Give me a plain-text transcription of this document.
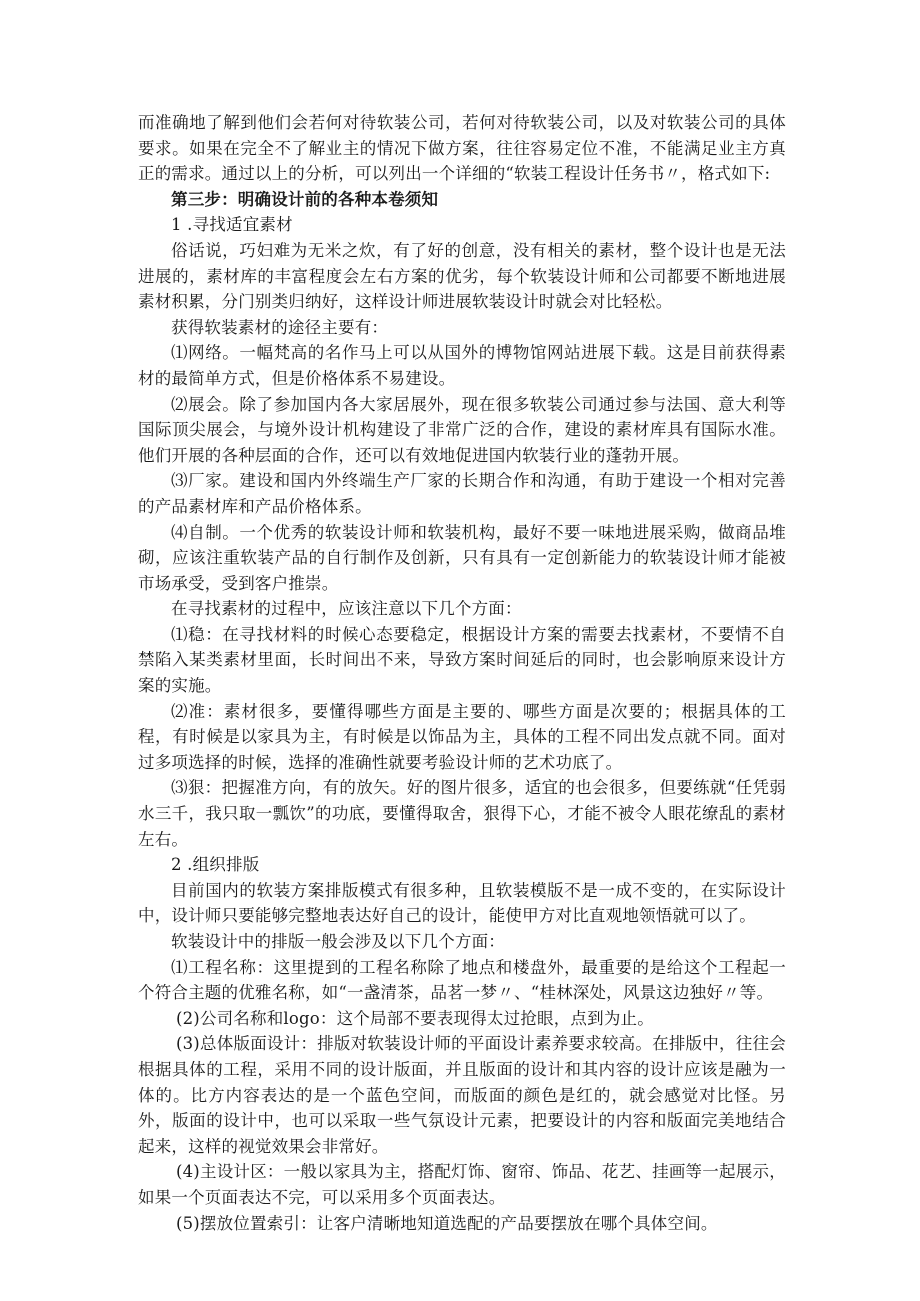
而准确地了解到他们会若何对待软装公司，若何对待软装公司，以及对软装公司的具体要求。如果在完全不了解业主的情况下做方案，往往容易定位不准，不能满足业主方真正的需求。通过以上的分析，可以列出一个详细的“软装工程设计任务书〃，格式如下:

第三步：明确设计前的各种本卷须知

1 .寻找适宜素材

俗话说，巧妇难为无米之炊，有了好的创意，没有相关的素材，整个设计也是无法进展的，素材库的丰富程度会左右方案的优劣，每个软装设计师和公司都要不断地进展素材积累，分门别类归纳好，这样设计师进展软装设计时就会对比轻松。

获得软装素材的途径主要有：

⑴网络。一幅梵高的名作马上可以从国外的博物馆网站进展下载。这是目前获得素材的最简单方式，但是价格体系不易建设。

⑵展会。除了参加国内各大家居展外，现在很多软装公司通过参与法国、意大利等国际顶尖展会，与境外设计机构建设了非常广泛的合作，建设的素材库具有国际水准。他们开展的各种层面的合作，还可以有效地促进国内软装行业的蓬勃开展。

⑶厂家。建设和国内外终端生产厂家的长期合作和沟通，有助于建设一个相对完善的产品素材库和产品价格体系。

⑷自制。一个优秀的软装设计师和软装机构，最好不要一味地进展采购，做商品堆砌，应该注重软装产品的自行制作及创新，只有具有一定创新能力的软装设计师才能被市场承受，受到客户推崇。

在寻找素材的过程中，应该注意以下几个方面：

⑴稳：在寻找材料的时候心态要稳定，根据设计方案的需要去找素材，不要情不自禁陷入某类素材里面，长时间出不来，导致方案时间延后的同时，也会影响原来设计方案的实施。

⑵准：素材很多，要懂得哪些方面是主要的、哪些方面是次要的；根据具体的工程，有时候是以家具为主，有时候是以饰品为主，具体的工程不同出发点就不同。面对过多项选择的时候，选择的准确性就要考验设计师的艺术功底了。

⑶狠：把握准方向，有的放矢。好的图片很多，适宜的也会很多，但要练就“任凭弱水三千，我只取一瓢饮”的功底，要懂得取舍，狠得下心，才能不被令人眼花缭乱的素材左右。

2 .组织排版

目前国内的软装方案排版模式有很多种，且软装模版不是一成不变的，在实际设计中，设计师只要能够完整地表达好自己的设计，能使甲方对比直观地领悟就可以了。

软装设计中的排版一般会涉及以下几个方面：

⑴工程名称：这里提到的工程名称除了地点和楼盘外，最重要的是给这个工程起一个符合主题的优雅名称，如“一盏清茶，品茗一梦〃、“桂林深处，风景这边独好〃等。

(2)公司名称和logo：这个局部不要表现得太过抢眼，点到为止。

(3)总体版面设计：排版对软装设计师的平面设计素养要求较高。在排版中，往往会根据具体的工程，采用不同的设计版面，并且版面的设计和其内容的设计应该是融为一体的。比方内容表达的是一个蓝色空间，而版面的颜色是红的，就会感觉对比怪。另外，版面的设计中，也可以采取一些气氛设计元素，把要设计的内容和版面完美地结合起来，这样的视觉效果会非常好。

(4)主设计区：一般以家具为主，搭配灯饰、窗帘、饰品、花艺、挂画等一起展示，如果一个页面表达不完，可以采用多个页面表达。

(5)摆放位置索引：让客户清晰地知道选配的产品要摆放在哪个具体空间。
